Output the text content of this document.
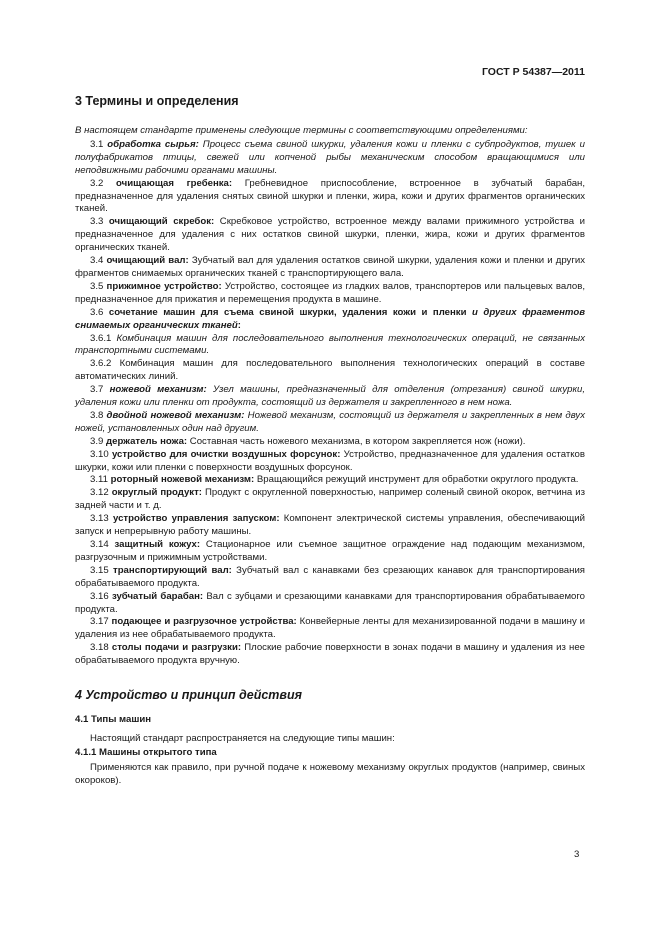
ГОСТ Р 54387—2011
3 Термины и определения

В настоящем стандарте применены следующие термины с соответствующими определениями:

3.1 обработка сырья: Процесс съема свиной шкурки, удаления кожи и пленки с субпродуктов, тушек и полуфабрикатов птицы, свежей или копченой рыбы механическим способом вращающимися или неподвижными рабочими органами машины.

3.2 очищающая гребенка: Гребневидное приспособление, встроенное в зубчатый барабан, предназначенное для удаления снятых свиной шкурки и пленки, жира, кожи и других фрагментов органических тканей.

3.3 очищающий скребок: Скребковое устройство, встроенное между валами прижимного устройства и предназначенное для удаления с них остатков свиной шкурки, пленки, жира, кожи и других фрагментов органических тканей.

3.4 очищающий вал: Зубчатый вал для удаления остатков свиной шкурки, удаления кожи и пленки и других фрагментов снимаемых органических тканей с транспортирующего вала.

3.5 прижимное устройство: Устройство, состоящее из гладких валов, транспортеров или пальцевых валов, предназначенное для прижатия и перемещения продукта в машине.

3.6 сочетание машин для съема свиной шкурки, удаления кожи и пленки и других фрагментов снимаемых органических тканей:

3.6.1 Комбинация машин для последовательного выполнения технологических операций, не связанных транспортными системами.

3.6.2 Комбинация машин для последовательного выполнения технологических операций в составе автоматических линий.

3.7 ножевой механизм: Узел машины, предназначенный для отделения (отрезания) свиной шкурки, удаления кожи или пленки от продукта, состоящий из держателя и закрепленного в нем ножа.

3.8 двойной ножевой механизм: Ножевой механизм, состоящий из держателя и закрепленных в нем двух ножей, установленных один над другим.

3.9 держатель ножа: Составная часть ножевого механизма, в котором закрепляется нож (ножи).

3.10 устройство для очистки воздушных форсунок: Устройство, предназначенное для удаления остатков шкурки, кожи или пленки с поверхности воздушных форсунок.

3.11 роторный ножевой механизм: Вращающийся режущий инструмент для обработки округлого продукта.

3.12 округлый продукт: Продукт с округленной поверхностью, например соленый свиной окорок, ветчина из задней части и т. д.

3.13 устройство управления запуском: Компонент электрической системы управления, обеспечивающий запуск и непрерывную работу машины.

3.14 защитный кожух: Стационарное или съемное защитное ограждение над подающим механизмом, разгрузочным и прижимным устройствами.

3.15 транспортирующий вал: Зубчатый вал с канавками без срезающих канавок для транспортирования обрабатываемого продукта.

3.16 зубчатый барабан: Вал с зубцами и срезающими канавками для транспортирования обрабатываемого продукта.

3.17 подающее и разгрузочное устройства: Конвейерные ленты для механизированной подачи в машину и удаления из нее обрабатываемого продукта.

3.18 столы подачи и разгрузки: Плоские рабочие поверхности в зонах подачи в машину и удаления из нее обрабатываемого продукта вручную.

4 Устройство и принцип действия
4.1 Типы машин

Настоящий стандарт распространяется на следующие типы машин:

4.1.1 Машины открытого типа

Применяются как правило, при ручной подаче к ножевому механизму округлых продуктов (например, свиных окороков).

3
